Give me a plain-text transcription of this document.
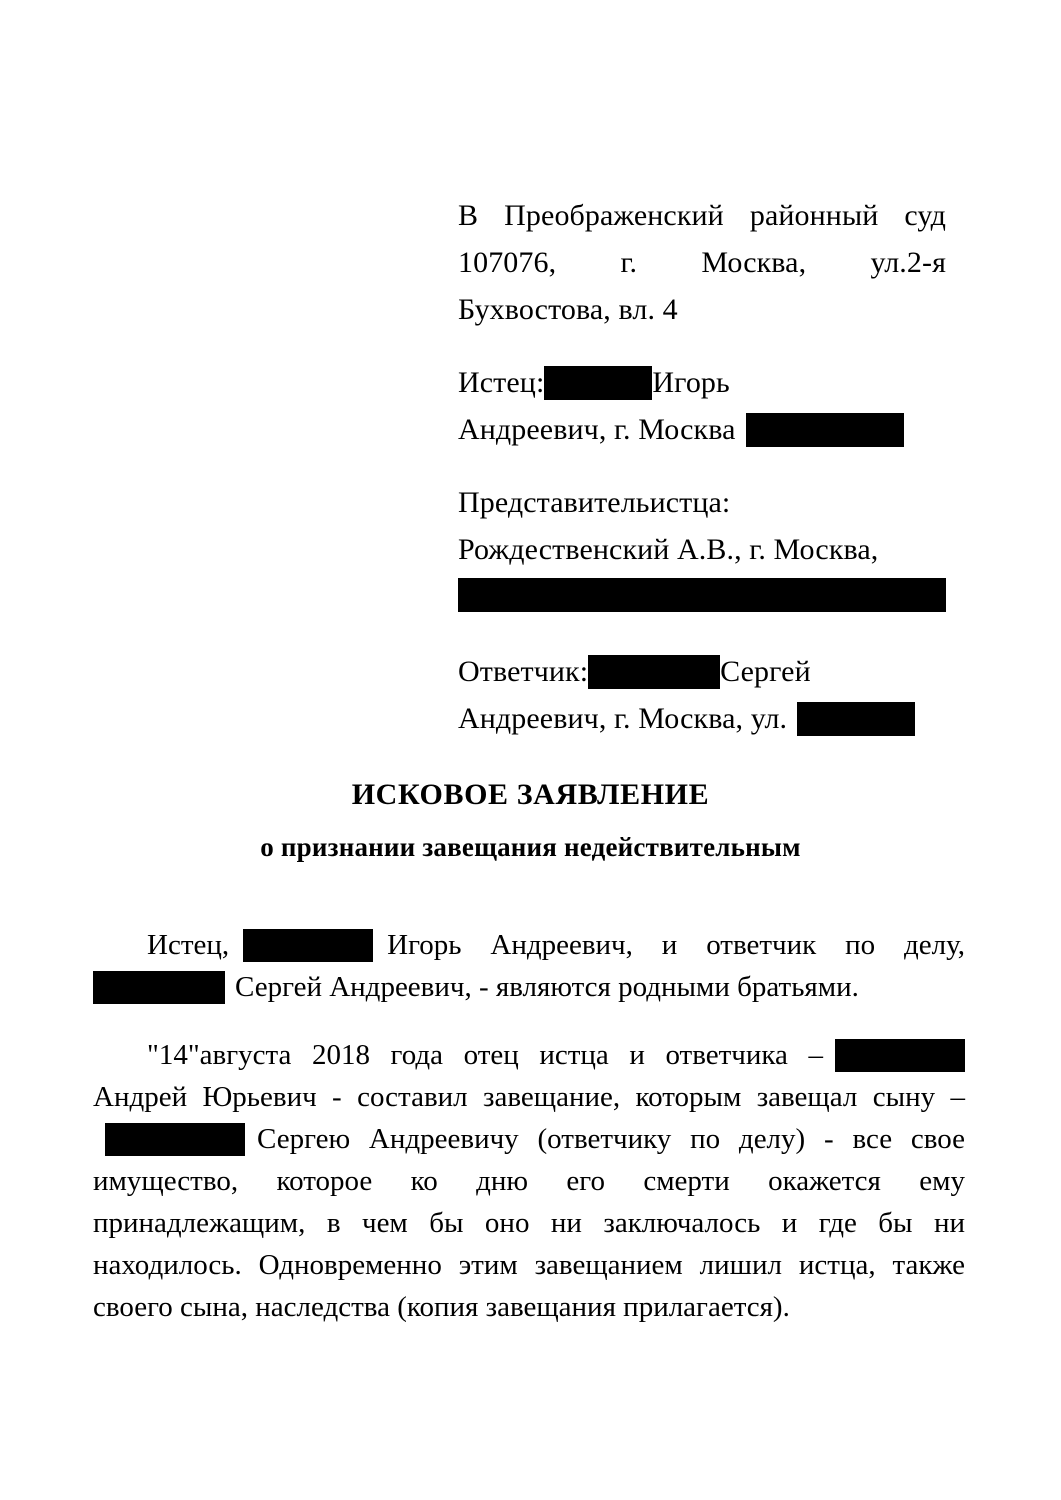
В Преображенский районный суд

107076, г. Москва, ул.2-я

Бухвостова, вл. 4

Истец:	Игорь

Андреевич, г. Москва

Представительистца:

Рождественский А.В., г. Москва,

Ответчик:	Сергей

Андреевич, г. Москва, ул.

ИСКОВОЕ ЗАЯВЛЕНИЕ
о признании завещания недействительным

Истец,	Игорь Андреевич, и ответчик по делу,Сергей Андреевич, - являются родными братьями.

"14"августа 2018 года отец истца и ответчика –Андрей Юрьевич - составил завещание, которым завещал сыну –Сергею Андреевичу (ответчику по делу) - все свое имущество, которое ко дню его смерти окажется ему принадлежащим, в чем бы оно ни заключалось и где бы ни находилось. Одновременно этим завещанием лишил истца, также своего сына, наследства (копия завещания прилагается).
